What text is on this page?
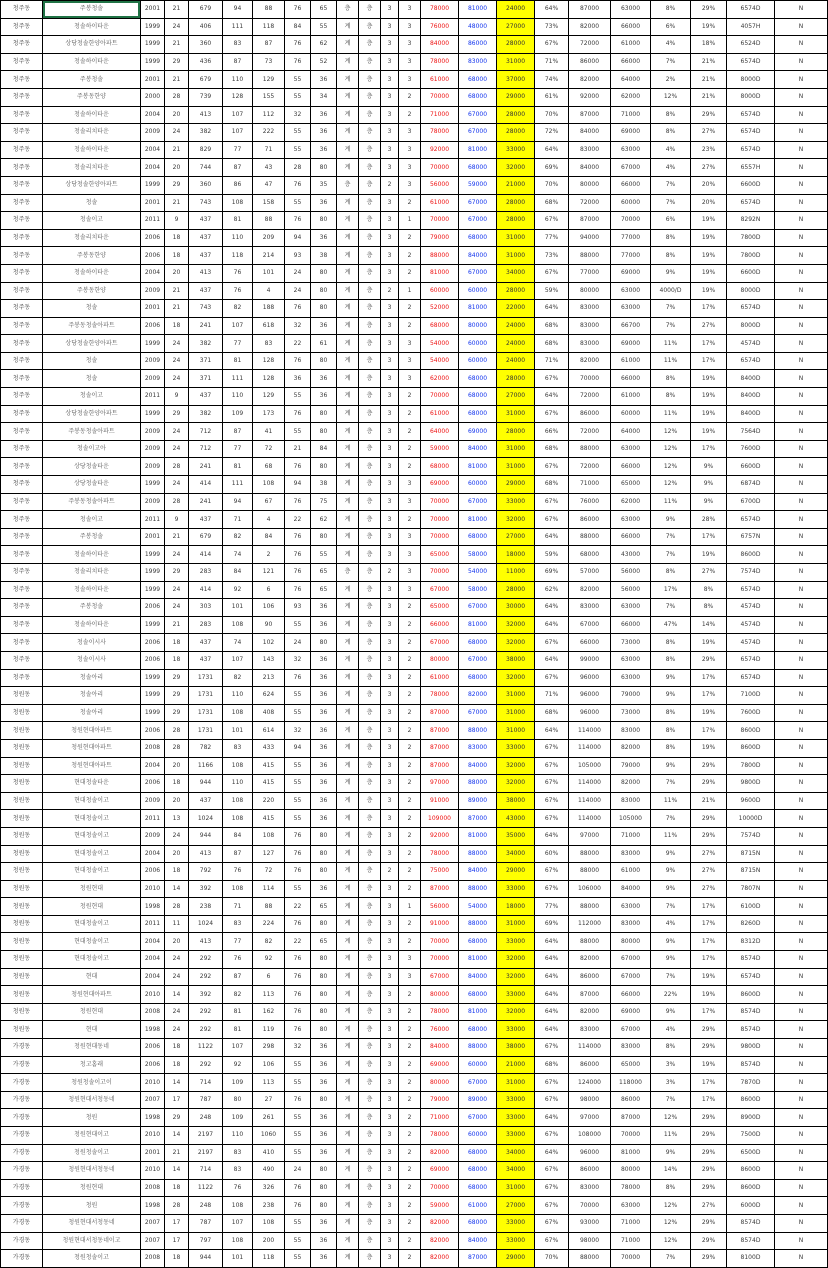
청주동	주봉청솔	2001	21	679	94	88	76	65	층	층	3	3	78000	81000	24000	64%	87000	63000	8%	29%	6574D	N
청주동	청솔하이타운	1999	24	406	111	118	84	55	계	층	3	3	76000	48000	27000	73%	82000	66000	6%	19%	4057H	N
청주동	상당청솔한양아파트	1999	21	360	83	87	76	62	계	층	3	3	84000	86000	28000	67%	72000	61000	4%	18%	6524D	N
청주동	청솔하이타운	1999	29	436	87	73	76	52	계	층	3	3	78000	83000	31000	71%	86000	66000	7%	21%	6574D	N
청주동	주봉청솔	2001	21	679	110	129	55	36	계	층	3	3	61000	68000	37000	74%	82000	64000	2%	21%	8000D	N
청주동	주봉동한양	2000	28	739	128	155	55	34	계	층	3	2	70000	68000	29000	61%	92000	62000	12%	21%	8000D	N
청주동	청솔하이타운	2004	20	413	107	112	32	36	계	층	3	2	71000	67000	28000	70%	87000	71000	8%	29%	6574D	N
청주동	청솔리치타운	2009	24	382	107	222	55	36	계	층	3	3	78000	67000	28000	72%	84000	69000	8%	27%	6574D	N
청주동	청솔하이타운	2004	21	829	77	71	55	36	계	층	3	3	92000	81000	33000	64%	83000	63000	4%	23%	6574D	N
청주동	청솔리치타운	2004	20	744	87	43	28	80	계	층	3	3	70000	68000	32000	69%	84000	67000	4%	27%	6557H	N
청주동	상당청솔한양아파트	1999	29	360	86	47	76	35	층	층	2	3	56000	59000	21000	70%	80000	66000	7%	20%	6600D	N
청주동	청솔	2001	21	743	108	158	55	36	계	층	3	2	61000	67000	28000	68%	72000	60000	7%	20%	6574D	N
청주동	청솔이고	2011	9	437	81	88	76	80	계	층	3	1	70000	67000	28000	67%	87000	70000	6%	19%	8292N	N
청주동	청솔리치타운	2006	18	437	110	209	94	36	계	층	3	2	79000	68000	31000	77%	94000	77000	8%	19%	7800D	N
청주동	주봉동한양	2006	18	437	118	214	93	38	계	층	3	2	88000	84000	31000	73%	88000	77000	8%	19%	7800D	N
청주동	청솔하이타운	2004	20	413	76	101	24	80	계	층	3	2	81000	67000	34000	67%	77000	69000	9%	19%	6600D	N
청주동	주봉동한양	2009	21	437	76	4	24	80	계	층	2	1	60000	60000	28000	59%	80000	63000	4000/D	19%	8000D	N
청주동	청솔	2001	21	743	82	188	76	80	계	층	3	2	52000	81000	22000	64%	83000	63000	7%	17%	6574D	N
청주동	주봉동청솔아파트	2006	18	241	107	618	32	36	계	층	3	2	68000	80000	24000	68%	83000	66700	7%	27%	8000D	N
청주동	상당청솔한양아파트	1999	24	382	77	83	22	61	계	층	3	3	54000	60000	24000	68%	83000	69000	11%	17%	4574D	N
청주동	청솔	2009	24	371	81	128	76	80	계	층	3	3	54000	60000	24000	71%	82000	61000	11%	17%	6574D	N
청주동	청솔	2009	24	371	111	128	36	36	계	층	3	3	62000	68000	28000	67%	70000	66000	8%	19%	8400D	N
청주동	청솔이고	2011	9	437	110	129	55	36	계	층	3	2	70000	68000	27000	64%	72000	61000	8%	19%	8400D	N
청주동	상당청솔한양아파트	1999	29	382	109	173	76	80	계	층	3	2	61000	68000	31000	67%	86000	60000	11%	19%	8400D	N
청주동	주봉동청솔아파트	2009	24	712	87	41	55	80	계	층	3	2	64000	69000	28000	66%	72000	64000	12%	19%	7564D	N
청주동	청솔이고아	2009	24	712	77	72	21	84	계	층	3	2	59000	84000	31000	68%	88000	63000	12%	17%	7600D	N
청주동	상당청솔타운	2009	28	241	81	68	76	80	계	층	3	2	68000	81000	31000	67%	72000	66000	12%	9%	6600D	N
청주동	상당청솔타운	1999	24	414	111	108	94	38	계	층	3	3	69000	60000	29000	68%	71000	65000	12%	9%	6874D	N
청주동	주봉동청솔아파트	2009	28	241	94	67	76	75	계	층	3	3	70000	67000	33000	67%	76000	62000	11%	9%	6700D	N
청주동	청솔이고	2011	9	437	71	4	22	62	계	층	3	2	70000	81000	32000	67%	86000	63000	9%	28%	6574D	N
청주동	주봉청솔	2001	21	679	82	84	76	80	계	층	3	3	70000	68000	27000	64%	88000	66000	7%	17%	6757N	N
청주동	청솔하이타운	1999	24	414	74	2	76	55	계	층	3	3	65000	58000	18000	59%	68000	43000	7%	19%	8600D	N
청주동	청솔리치타운	1999	29	283	84	121	76	65	층	층	2	3	70000	54000	11000	69%	57000	56000	8%	27%	7574D	N
청주동	청솔하이타운	1999	24	414	92	6	76	65	계	층	3	3	67000	58000	28000	62%	82000	56000	17%	8%	6574D	N
청주동	주봉청솔	2006	24	303	101	106	93	36	계	층	3	2	65000	67000	30000	64%	83000	63000	7%	8%	4574D	N
청주동	청솔하이타운	1999	21	283	108	90	55	36	계	층	3	2	66000	81000	32000	64%	67000	66000	47%	14%	4574D	N
청주동	청솔이시사	2006	18	437	74	102	24	80	계	층	3	2	67000	68000	32000	67%	66000	73000	8%	19%	4574D	N
청주동	청솔이시사	2006	18	437	107	143	32	36	계	층	3	2	80000	67000	38000	64%	99000	63000	8%	29%	6574D	N
청주동	청솔아리	1999	29	1731	82	213	76	36	계	층	3	2	61000	68000	32000	67%	96000	63000	9%	17%	6574D	N
청원동	청솔아리	1999	29	1731	110	624	55	36	계	층	3	2	78000	82000	31000	71%	96000	79000	9%	17%	7100D	N
청원동	청솔아리	1999	29	1731	108	408	55	36	계	층	3	2	87000	67000	31000	68%	96000	73000	8%	19%	7600D	N
청원동	청원현대아파트	2006	28	1731	101	614	32	36	계	층	3	2	87000	88000	31000	64%	114000	83000	8%	17%	8600D	N
청원동	청원현대아파트	2008	28	782	83	433	94	36	계	층	3	2	87000	83000	33000	67%	114000	82000	8%	19%	8600D	N
청원동	청원현대아파트	2004	20	1166	108	415	55	36	계	층	3	2	87000	84000	32000	67%	105000	79000	9%	29%	7800D	N
청원동	현대청솔타운	2006	18	944	110	415	55	36	계	층	3	2	97000	88000	32000	67%	114000	82000	7%	29%	9800D	N
청원동	현대청솔이고	2009	20	437	108	220	55	36	계	층	3	2	91000	89000	38000	67%	114000	83000	11%	21%	9600D	N
청원동	현대청솔이고	2011	13	1024	108	415	55	36	계	층	3	2	109000	87000	43000	67%	114000	105000	7%	29%	10000D	N
청원동	현대청솔이고	2009	24	944	84	108	76	80	계	층	3	2	92000	81000	35000	64%	97000	71000	11%	29%	7574D	N
청원동	현대청솔이고	2004	20	413	87	127	76	80	계	층	3	2	78000	88000	34000	60%	88000	83000	9%	27%	8715N	N
청원동	현대청솔이고	2006	18	792	76	72	76	80	계	층	2	2	75000	84000	29000	67%	88000	61000	9%	27%	8715N	N
청원동	청원현대	2010	14	392	108	114	55	36	계	층	3	2	87000	88000	33000	67%	106000	84000	9%	27%	7807N	N
청원동	청원현대	1998	28	238	71	88	22	65	계	층	3	1	56000	54000	18000	77%	88000	63000	7%	17%	6100D	N
청원동	현대청솔이고	2011	11	1024	83	224	76	80	계	층	3	2	91000	88000	31000	69%	112000	83000	4%	17%	8260D	N
청원동	현대청솔이고	2004	20	413	77	82	22	65	계	층	3	2	70000	68000	33000	64%	88000	80000	9%	17%	8312D	N
청원동	현대청솔이고	2004	24	292	76	92	76	80	계	층	3	3	70000	81000	32000	64%	82000	67000	9%	17%	8574D	N
청원동	현대	2004	24	292	87	6	76	80	계	층	3	3	67000	84000	32000	64%	86000	67000	7%	19%	6574D	N
청원동	청원현대아파트	2010	14	392	82	113	76	80	계	층	3	2	80000	68000	33000	64%	87000	66000	22%	19%	8600D	N
청원동	청원현대	2008	24	292	81	162	76	80	계	층	3	2	78000	81000	32000	64%	82000	69000	9%	17%	8574D	N
청원동	현대	1998	24	292	81	119	76	80	계	층	3	2	76000	68000	33000	64%	83000	67000	4%	29%	8574D	N
가경동	청원현대동네	2006	18	1122	107	298	32	36	계	층	3	2	84000	88000	38000	67%	114000	83000	8%	29%	9800D	N
가경동	청고홈래	2006	18	292	92	106	55	36	계	층	3	2	69000	60000	21000	68%	86000	65000	3%	19%	8574D	N
가경동	청원청솔이고이	2010	14	714	109	113	55	36	계	층	3	2	80000	67000	31000	67%	124000	118000	3%	17%	7870D	N
가경동	청원현대서청동네	2007	17	787	80	27	76	80	계	층	3	2	79000	89000	33000	67%	98000	86000	7%	17%	8600D	N
가경동	청원	1998	29	248	109	261	55	36	계	층	3	2	71000	67000	33000	64%	97000	87000	12%	29%	8900D	N
가경동	청원현대이고	2010	14	2197	110	1060	55	36	계	층	3	2	78000	60000	33000	67%	108000	70000	11%	29%	7500D	N
가경동	청원청솔이고	2001	21	2197	83	410	55	36	계	층	3	2	82000	68000	34000	64%	96000	81000	9%	29%	6500D	N
가경동	청원현대서청동네	2010	14	714	83	490	24	80	계	층	3	2	69000	68000	34000	67%	86000	80000	14%	29%	8600D	N
가경동	청원현대	2008	18	1122	76	326	76	80	계	층	3	2	70000	68000	31000	67%	83000	78000	8%	29%	8600D	N
가경동	청원	1998	28	248	108	238	76	80	계	층	3	2	59000	61000	27000	67%	70000	63000	12%	27%	6000D	N
가경동	청원현대서청동네	2007	17	787	107	108	55	36	계	층	3	2	82000	68000	33000	67%	93000	71000	12%	29%	8574D	N
가경동	청원현대서청동네이고	2007	17	797	108	200	55	36	계	층	3	2	82000	84000	33000	67%	98000	71000	12%	29%	8574D	N
가경동	청원청솔이고	2008	18	944	101	118	55	36	계	층	3	2	82000	87000	29000	70%	88000	70000	7%	29%	8100D	N
